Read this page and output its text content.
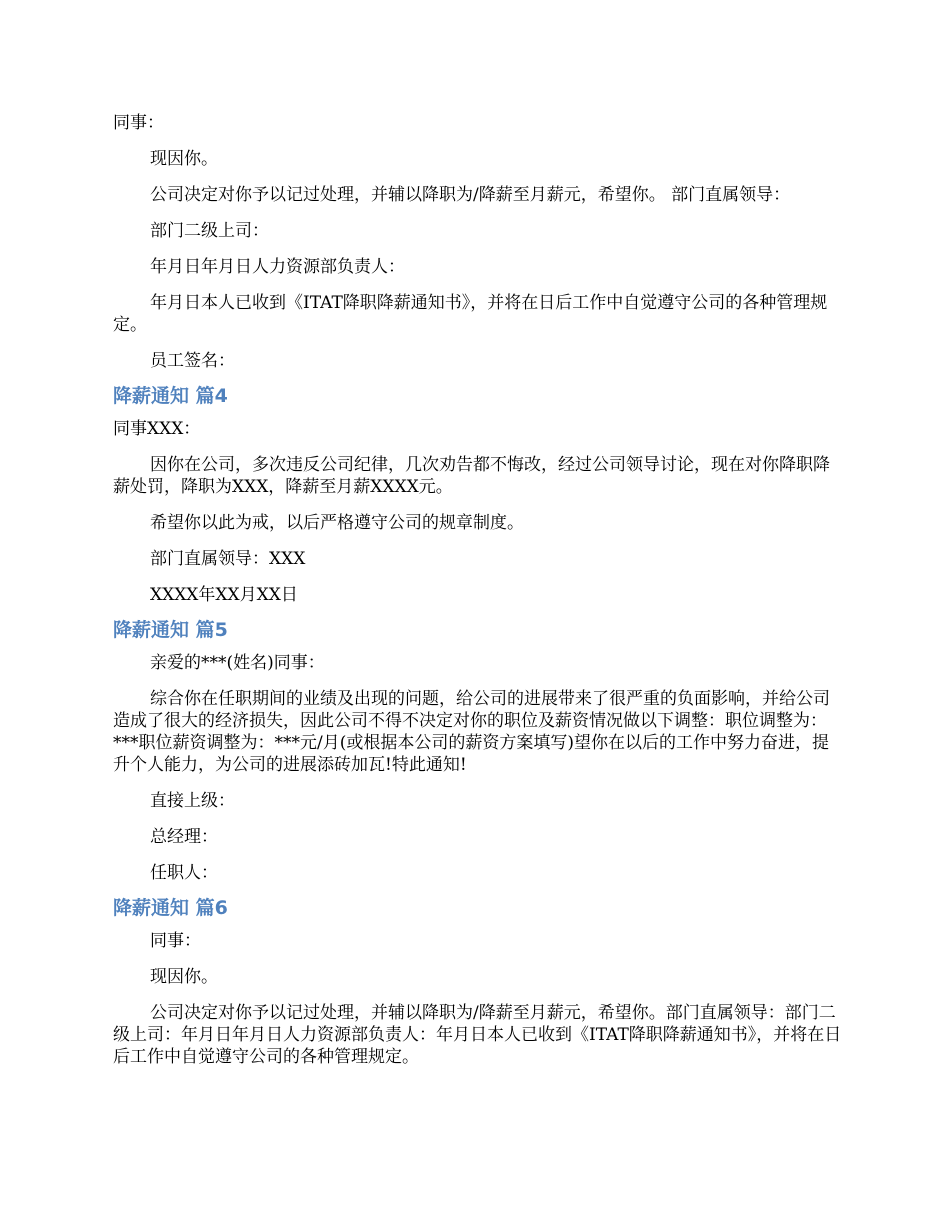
同事：

现因你。

公司决定对你予以记过处理，并辅以降职为/降薪至月薪元，希望你。 部门直属领导：

部门二级上司：

年月日年月日人力资源部负责人：

年月日本人已收到《ITAT降职降薪通知书》，并将在日后工作中自觉遵守公司的各种管理规定。

员工签名：

降薪通知 篇4

同事XXX：

因你在公司，多次违反公司纪律，几次劝告都不悔改，经过公司领导讨论，现在对你降职降薪处罚，降职为XXX，降薪至月薪XXXX元。

希望你以此为戒，以后严格遵守公司的规章制度。

部门直属领导：XXX

XXXX年XX月XX日

降薪通知 篇5

亲爱的***(姓名)同事：

综合你在任职期间的业绩及出现的问题，给公司的进展带来了很严重的负面影响，并给公司造成了很大的经济损失，因此公司不得不决定对你的职位及薪资情况做以下调整：职位调整为：***职位薪资调整为：***元/月(或根据本公司的薪资方案填写)望你在以后的工作中努力奋进，提升个人能力，为公司的进展添砖加瓦!特此通知!

直接上级：

总经理：

任职人：

降薪通知 篇6

同事：

现因你。

公司决定对你予以记过处理，并辅以降职为/降薪至月薪元，希望你。部门直属领导：部门二级上司：年月日年月日人力资源部负责人：年月日本人已收到《ITAT降职降薪通知书》，并将在日后工作中自觉遵守公司的各种管理规定。
